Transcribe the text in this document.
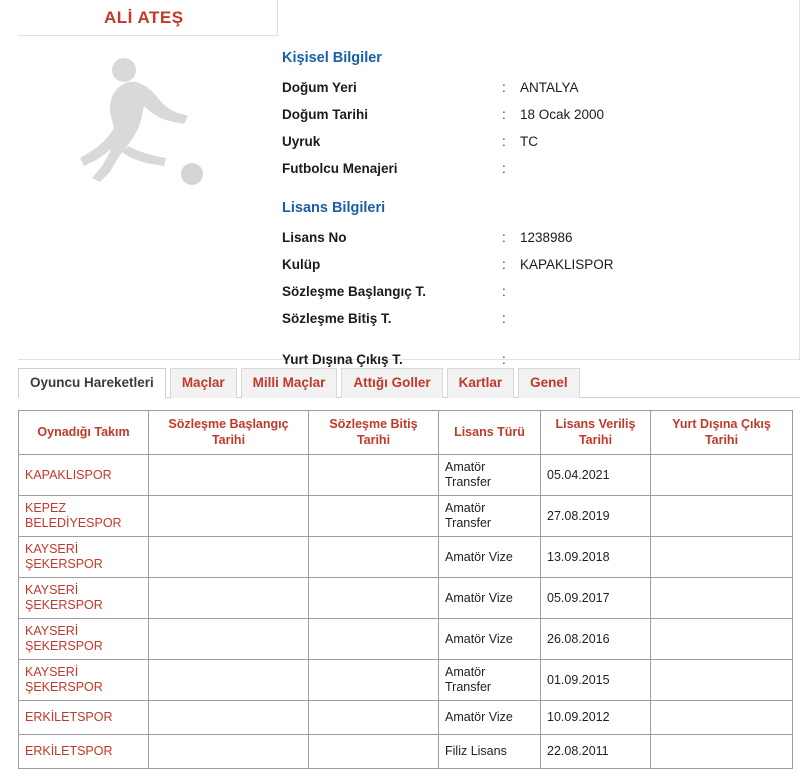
ALİ ATEŞ
Kişisel Bilgiler
Doğum Yeri	: ANTALYA
Doğum Tarihi	: 18 Ocak 2000
Uyruk	: TC
Futbolcu Menajeri	:
Lisans Bilgileri
Lisans No	: 1238986
Kulüp	: KAPAKLISPOR
Sözleşme Başlangıç T.	:
Sözleşme Bitiş T.	:
Yurt Dışına Çıkış T.	:
Oyuncu Hareketleri	Maçlar	Milli Maçlar	Attığı Goller	Kartlar	Genel
Oynadığı Takım	Sözleşme Başlangıç Tarihi	Sözleşme Bitiş Tarihi	Lisans Türü	Lisans Veriliş Tarihi	Yurt Dışına Çıkış Tarihi
KAPAKLISPOR			Amatör Transfer	05.04.2021	
KEPEZ BELEDİYESPOR			Amatör Transfer	27.08.2019	
KAYSERİ ŞEKERSPOR			Amatör Vize	13.09.2018	
KAYSERİ ŞEKERSPOR			Amatör Vize	05.09.2017	
KAYSERİ ŞEKERSPOR			Amatör Vize	26.08.2016	
KAYSERİ ŞEKERSPOR			Amatör Transfer	01.09.2015	
ERKİLETSPOR			Amatör Vize	10.09.2012	
ERKİLETSPOR			Filiz Lisans	22.08.2011	
